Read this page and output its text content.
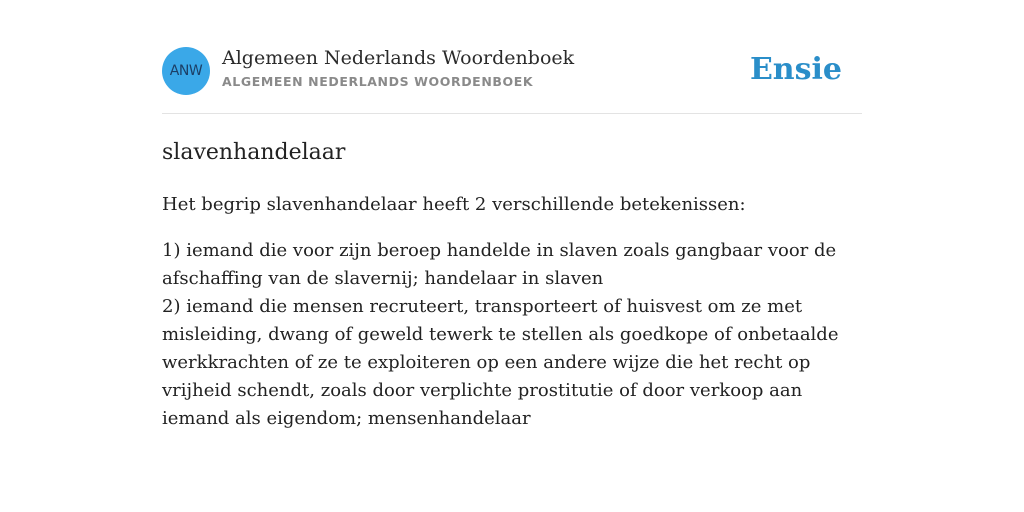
ANW
Algemeen Nederlands Woordenboek
ALGEMEEN NEDERLANDS WOORDENBOEK	Ensie
slavenhandelaar

Het begrip slavenhandelaar heeft 2 verschillende betekenissen:

1) iemand die voor zijn beroep handelde in slaven zoals gangbaar voor de afschaffing van de slavernij; handelaar in slaven
2) iemand die mensen recruteert, transporteert of huisvest om ze met misleiding, dwang of geweld tewerk te stellen als goedkope of onbetaalde werkkrachten of ze te exploiteren op een andere wijze die het recht op vrijheid schendt, zoals door verplichte prostitutie of door verkoop aan iemand als eigendom; mensenhandelaar
